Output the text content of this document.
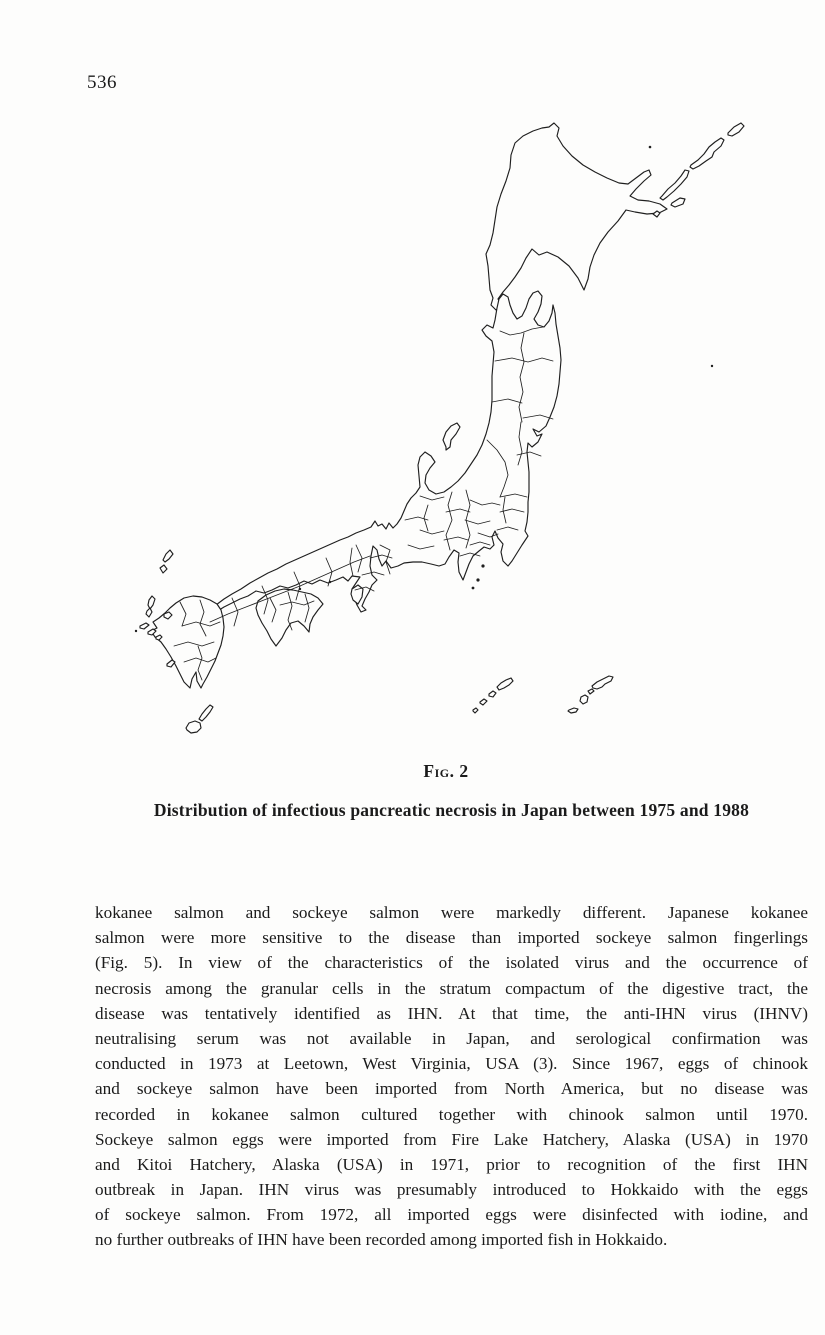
536
Fig. 2
Distribution of infectious pancreatic necrosis in Japan between 1975 and 1988
kokanee salmon and sockeye salmon were markedly different. Japanese kokanee
salmon were more sensitive to the disease than imported sockeye salmon fingerlings
(Fig. 5). In view of the characteristics of the isolated virus and the occurrence of
necrosis among the granular cells in the stratum compactum of the digestive tract, the
disease was tentatively identified as IHN. At that time, the anti-IHN virus (IHNV)
neutralising serum was not available in Japan, and serological confirmation was
conducted in 1973 at Leetown, West Virginia, USA (3). Since 1967, eggs of chinook
and sockeye salmon have been imported from North America, but no disease was
recorded in kokanee salmon cultured together with chinook salmon until 1970.
Sockeye salmon eggs were imported from Fire Lake Hatchery, Alaska (USA) in 1970
and Kitoi Hatchery, Alaska (USA) in 1971, prior to recognition of the first IHN
outbreak in Japan. IHN virus was presumably introduced to Hokkaido with the eggs
of sockeye salmon. From 1972, all imported eggs were disinfected with iodine, and
no further outbreaks of IHN have been recorded among imported fish in Hokkaido.
